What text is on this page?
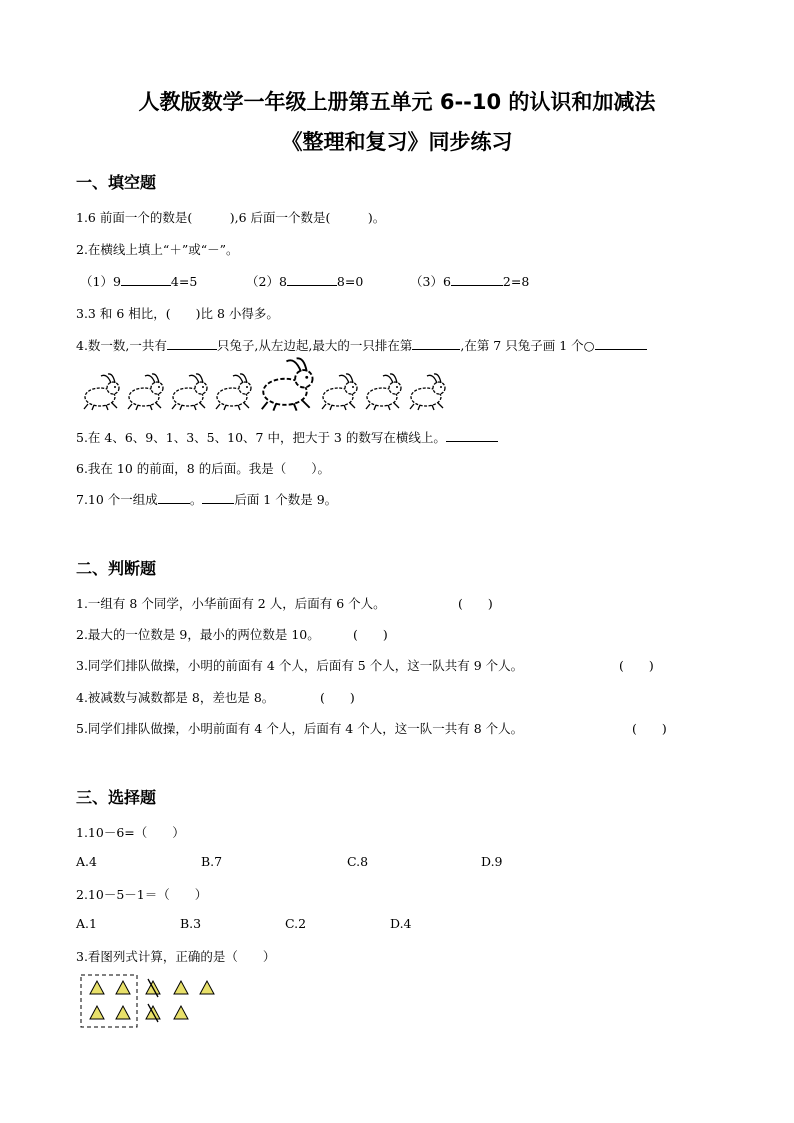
人教版数学一年级上册第五单元 6--10 的认识和加减法
《整理和复习》同步练习
一、填空题
1.6 前面一个的数是(　　　),6 后面一个数是(　　　)。
2.在横线上填上“＋”或“－”。
（1）9	4=5	（2）8	8=0	（3）6	2=8
3.3 和 6 相比，(　　)比 8 小得多。
4.数一数,一共有	只兔子,从左边起,最大的一只排在第	,在第 7 只兔子画 1 个○
5.在 4、6、9、1、3、5、10、7 中，把大于 3 的数写在横线上。
6.我在 10 的前面，8 的后面。我是（　　）。
7.10 个一组成	。	后面 1 个数是 9。
二、判断题
1.一组有 8 个同学，小华前面有 2 人，后面有 6 个人。	(　　)
2.最大的一位数是 9，最小的两位数是 10。	(　　)
3.同学们排队做操，小明的前面有 4 个人，后面有 5 个人，这一队共有 9 个人。	(　　)
4.被减数与减数都是 8，差也是 8。	(　　)
5.同学们排队做操，小明前面有 4 个人，后面有 4 个人，这一队一共有 8 个人。	(　　)
三、选择题
1.10－6=（　　）
A.4	B.7	C.8	D.9
2.10－5－1＝（　　）
A.1	B.3	C.2	D.4
3.看图列式计算，正确的是（　　）
